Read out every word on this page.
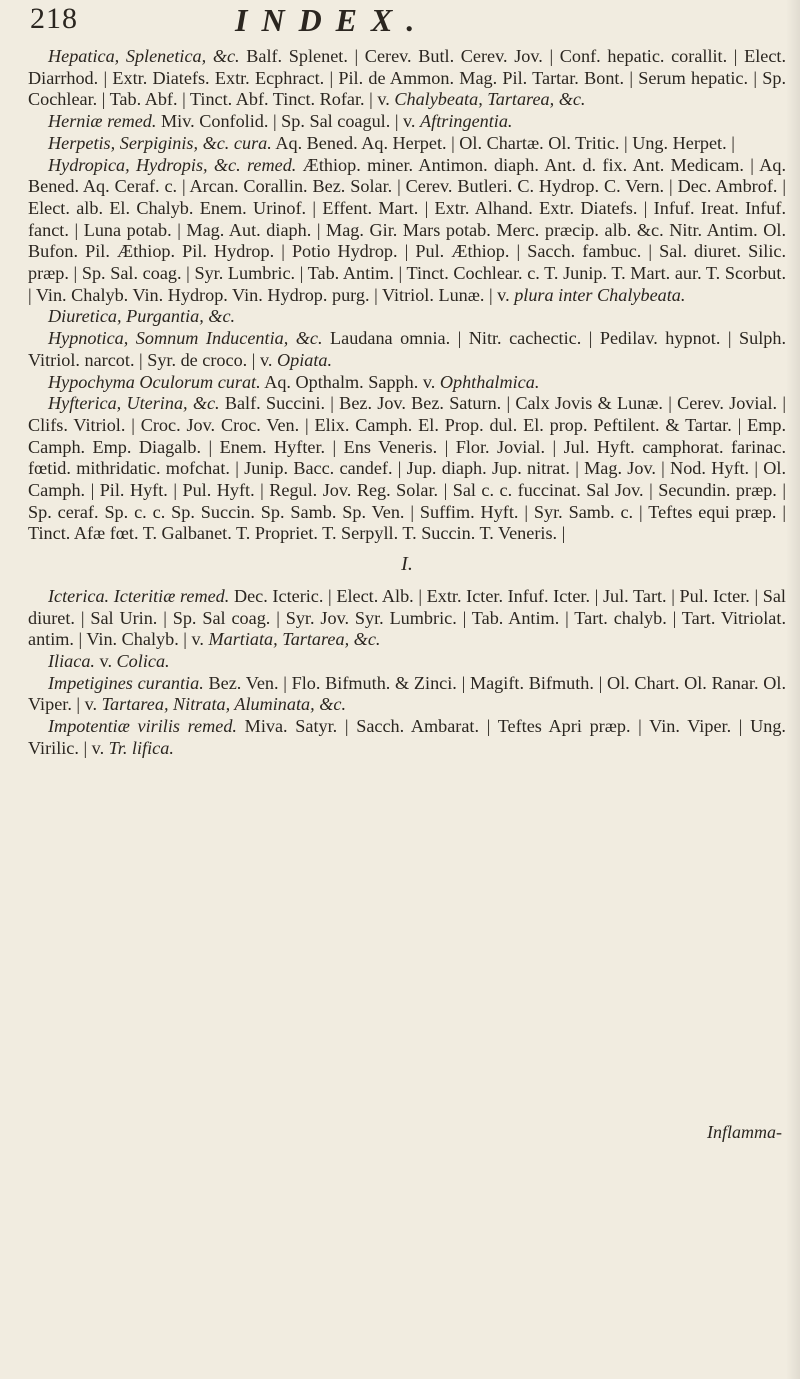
218	INDEX.

Hepatica, Splenetica, &c. Balf. Splenet. | Cerev. Butl. Cerev. Jov. | Conf. hepatic. corallit. | Elect. Diarrhod. | Extr. Diatefs. Extr. Ecphract. | Pil. de Ammon. Mag. Pil. Tartar. Bont. | Serum hepatic. | Sp. Cochlear. | Tab. Abf. | Tinct. Abf. Tinct. Rofar. | v. Chalybeata, Tartarea, &c.

Herniæ remed. Miv. Confolid. | Sp. Sal coagul. | v. Aftringentia.

Herpetis, Serpiginis, &c. cura. Aq. Bened. Aq. Herpet. | Ol. Chartæ. Ol. Tritic. | Ung. Herpet. |

Hydropica, Hydropis, &c. remed. Æthiop. miner. Antimon. diaph. Ant. d. fix. Ant. Medicam. | Aq. Bened. Aq. Ceraf. c. | Arcan. Corallin. Bez. Solar. | Cerev. Butleri. C. Hydrop. C. Vern. | Dec. Ambrof. | Elect. alb. El. Chalyb. Enem. Urinof. | Effent. Mart. | Extr. Alhand. Extr. Diatefs. | Infuf. Ireat. Infuf. fanct. | Luna potab. | Mag. Aut. diaph. | Mag. Gir. Mars potab. Merc. præcip. alb. &c. Nitr. Antim. Ol. Bufon. Pil. Æthiop. Pil. Hydrop. | Potio Hydrop. | Pul. Æthiop. | Sacch. fambuc. | Sal. diuret. Silic. præp. | Sp. Sal. coag. | Syr. Lumbric. | Tab. Antim. | Tinct. Cochlear. c. T. Junip. T. Mart. aur. T. Scorbut. | Vin. Chalyb. Vin. Hydrop. Vin. Hydrop. purg. | Vitriol. Lunæ. | v. plura inter Chalybeata.

Diuretica, Purgantia, &c.

Hypnotica, Somnum Inducentia, &c. Laudana omnia. | Nitr. cachectic. | Pedilav. hypnot. | Sulph. Vitriol. narcot. | Syr. de croco. | v. Opiata.

Hypochyma Oculorum curat. Aq. Opthalm. Sapph. v. Ophthalmica.

Hyfterica, Uterina, &c. Balf. Succini. | Bez. Jov. Bez. Saturn. | Calx Jovis & Lunæ. | Cerev. Jovial. | Clifs. Vitriol. | Croc. Jov. Croc. Ven. | Elix. Camph. El. Prop. dul. El. prop. Peftilent. & Tartar. | Emp. Camph. Emp. Diagalb. | Enem. Hyfter. | Ens Veneris. | Flor. Jovial. | Jul. Hyft. camphorat. farinac. fœtid. mithridatic. mofchat. | Junip. Bacc. candef. | Jup. diaph. Jup. nitrat. | Mag. Jov. | Nod. Hyft. | Ol. Camph. | Pil. Hyft. | Pul. Hyft. | Regul. Jov. Reg. Solar. | Sal c. c. fuccinat. Sal Jov. | Secundin. præp. | Sp. ceraf. Sp. c. c. Sp. Succin. Sp. Samb. Sp. Ven. | Suffim. Hyft. | Syr. Samb. c. | Teftes equi præp. | Tinct. Afæ fœt. T. Galbanet. T. Propriet. T. Serpyll. T. Succin. T. Veneris. |

I.

Icterica. Icteritiæ remed. Dec. Icteric. | Elect. Alb. | Extr. Icter. Infuf. Icter. | Jul. Tart. | Pul. Icter. | Sal diuret. | Sal Urin. | Sp. Sal coag. | Syr. Jov. Syr. Lumbric. | Tab. Antim. | Tart. chalyb. | Tart. Vitriolat. antim. | Vin. Chalyb. | v. Martiata, Tartarea, &c.

Iliaca. v. Colica.

Impetigines curantia. Bez. Ven. | Flo. Bifmuth. & Zinci. | Magift. Bifmuth. | Ol. Chart. Ol. Ranar. Ol. Viper. | v. Tartarea, Nitrata, Aluminata, &c.

Impotentiæ virilis remed. Miva. Satyr. | Sacch. Ambarat. | Teftes Apri præp. | Vin. Viper. | Ung. Virilic. | v. Tr. lifica.

Inflamma-
